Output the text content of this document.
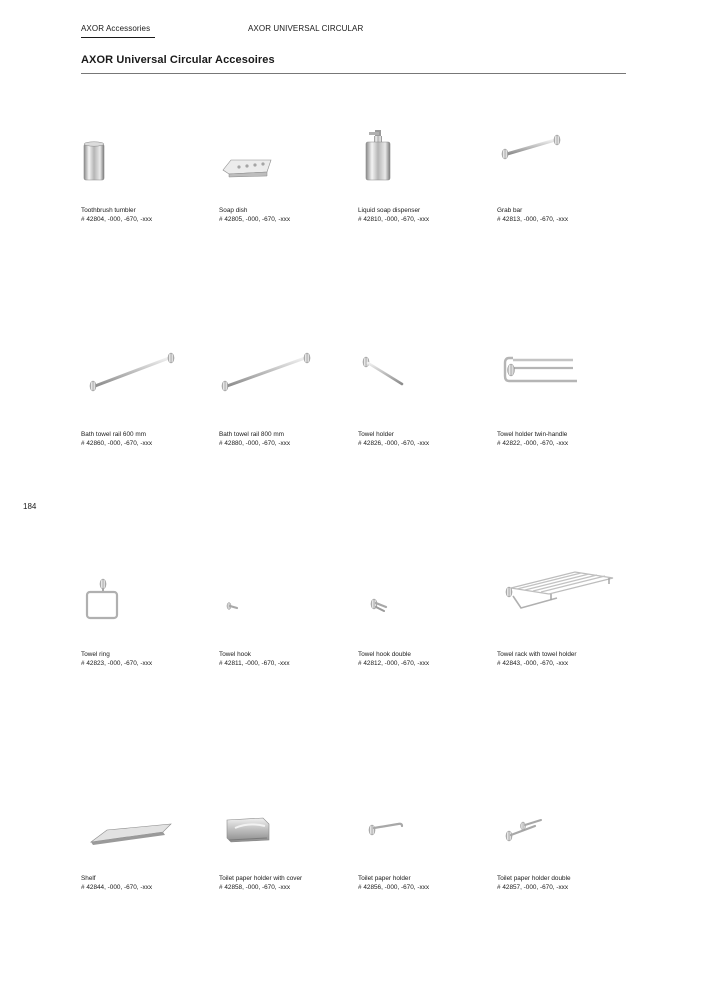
AXOR Accessories	AXOR UNIVERSAL CIRCULAR
AXOR Universal Circular Accesoires
184
Toothbrush tumbler
# 42804, -000, -670, -xxx
Soap dish
# 42805, -000, -670, -xxx
Liquid soap dispenser
# 42810, -000, -670, -xxx
Grab bar
# 42813, -000, -670, -xxx
Bath towel rail 600 mm
# 42860, -000, -670, -xxx
Bath towel rail 800 mm
# 42880, -000, -670, -xxx
Towel holder
# 42826, -000, -670, -xxx
Towel holder twin-handle
# 42822, -000, -670, -xxx
Towel ring
# 42823, -000, -670, -xxx
Towel hook
# 42811, -000, -670, -xxx
Towel hook double
# 42812, -000, -670, -xxx
Towel rack with towel holder
# 42843, -000, -670, -xxx
Shelf
# 42844, -000, -670, -xxx
Toilet paper holder with cover
# 42858, -000, -670, -xxx
Toilet paper holder
# 42856, -000, -670, -xxx
Toilet paper holder double
# 42857, -000, -670, -xxx
